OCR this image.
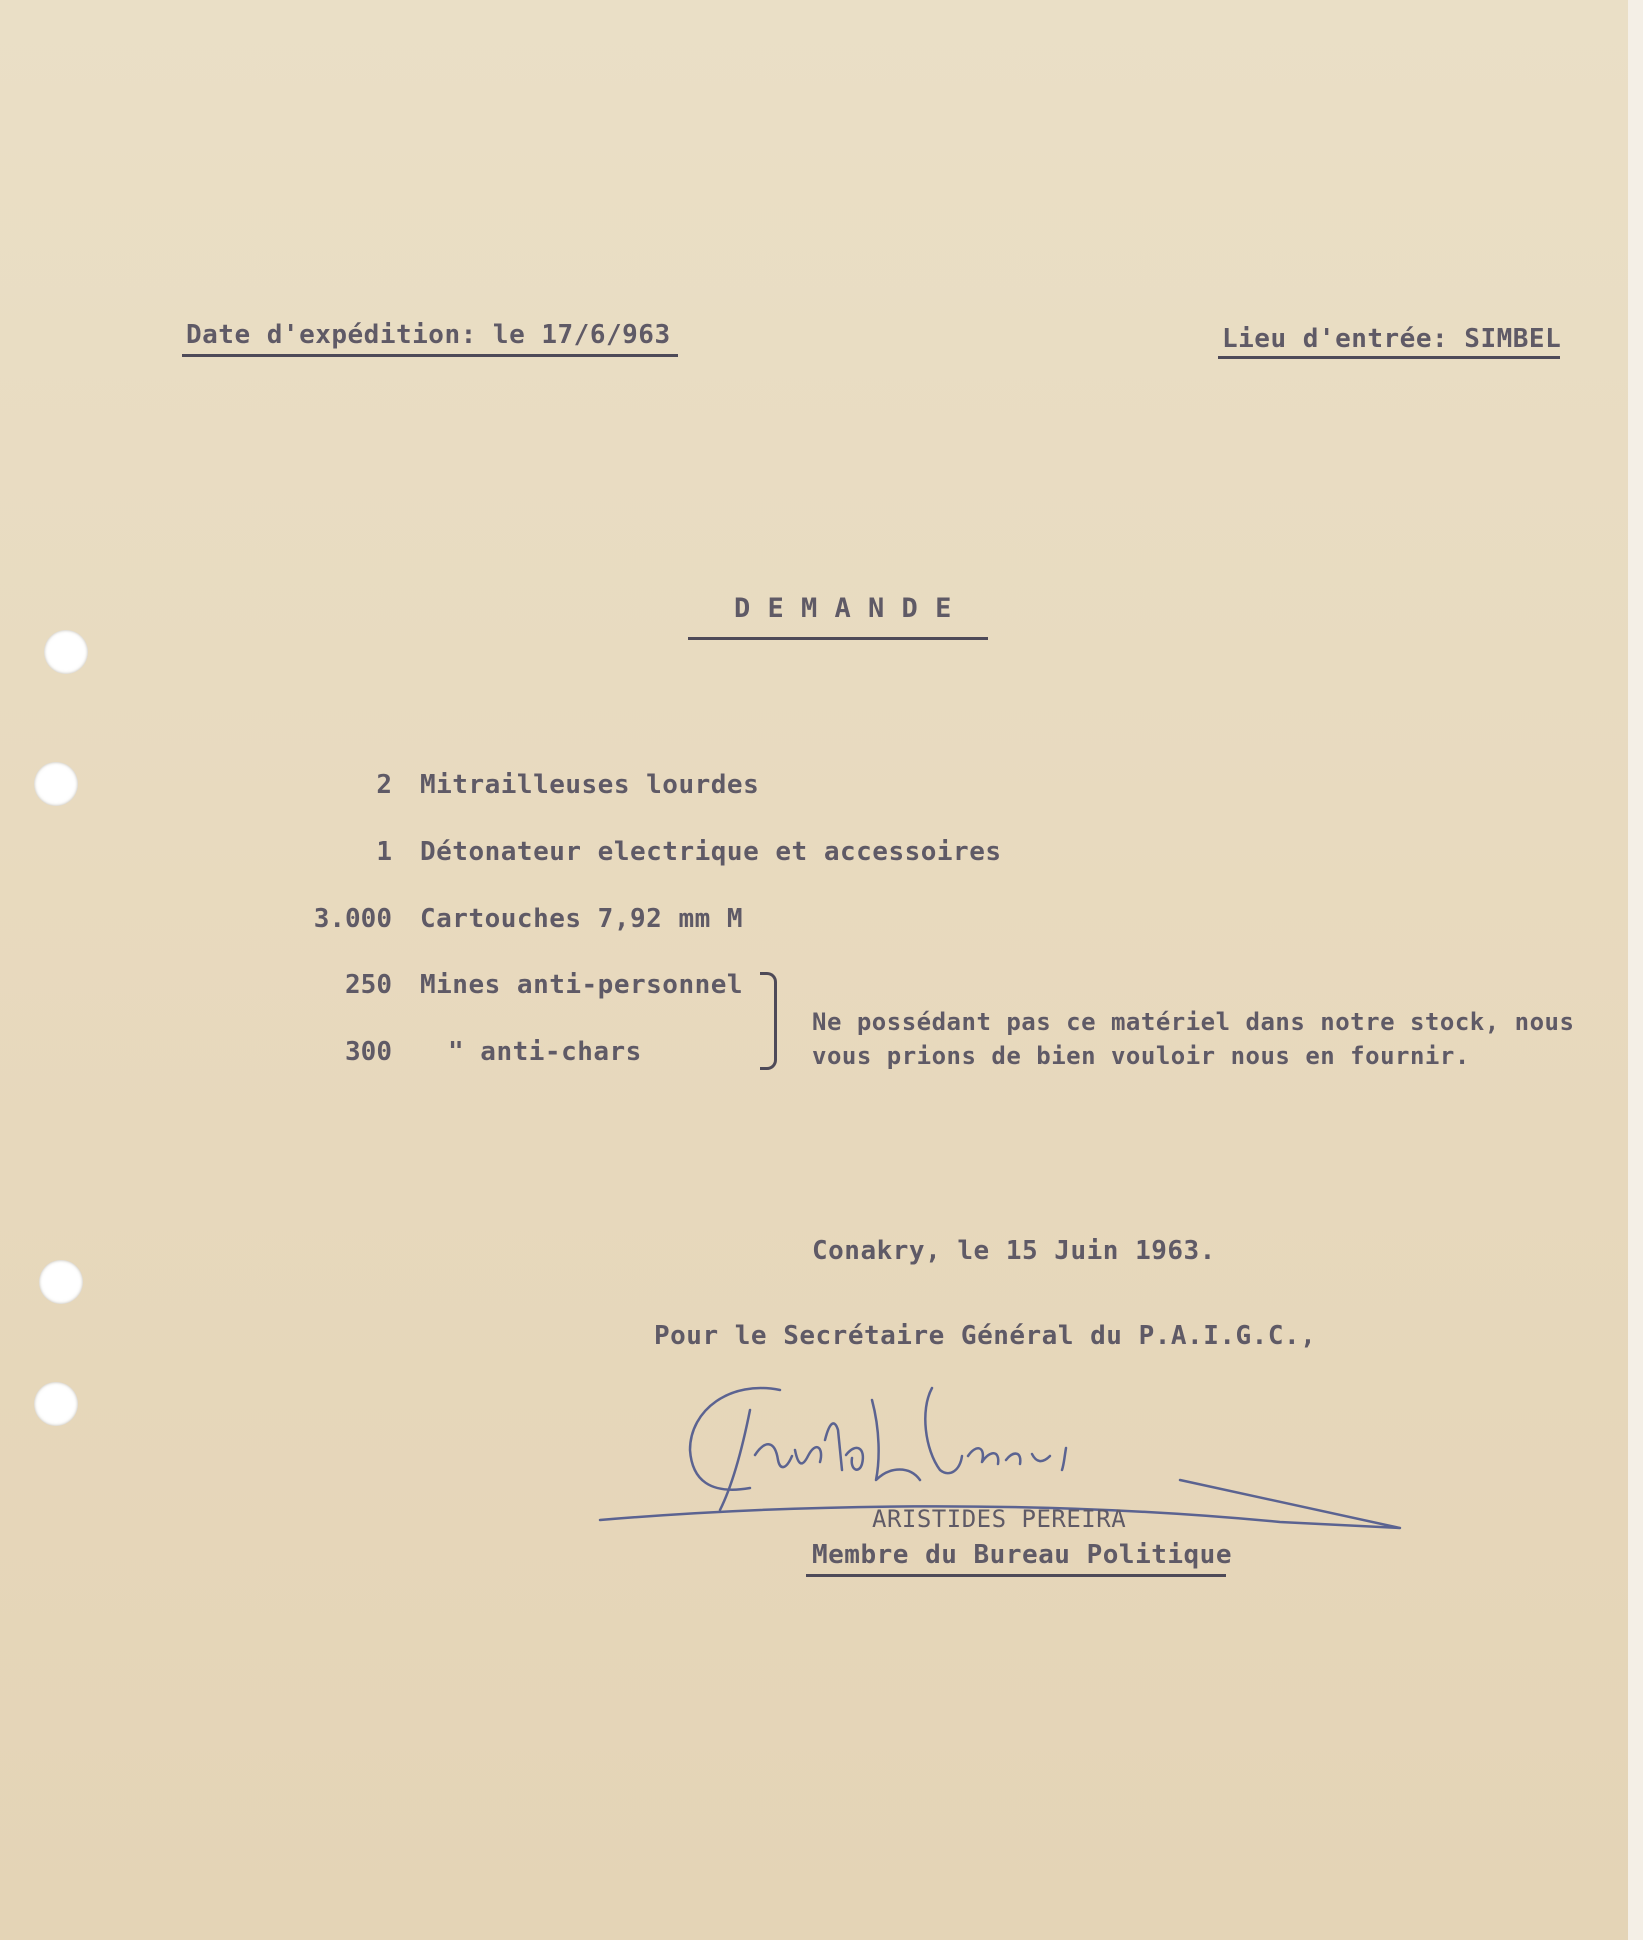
Date d'expédition: le 17/6/963	Lieu d'entrée: SIMBEL
D E M A N D E
2 Mitrailleuses lourdes
1 Détonateur electrique et accessoires
3.000 Cartouches 7,92 mm M
250 Mines anti-personnel
300 " anti-chars
Ne possédant pas ce matériel dans notre stock, nous
vous prions de bien vouloir nous en fournir.
Conakry, le 15 Juin 1963.
Pour le Secrétaire Général du P.A.I.G.C.,
ARISTIDES PEREIRA
Membre du Bureau Politique
